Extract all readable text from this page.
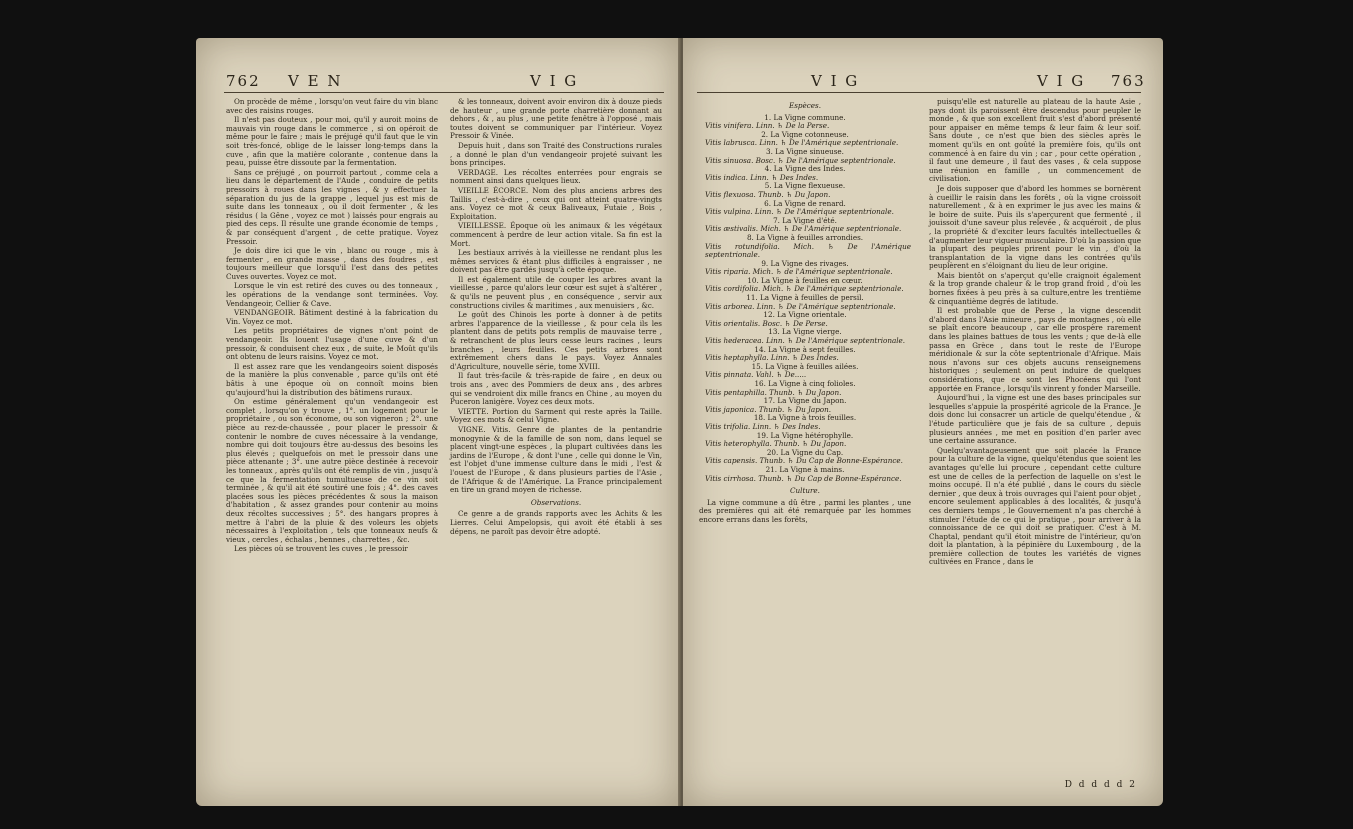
762 V E N	V I G

On procède de même , lorsqu'on veut faire du vin blanc avec des raisins rouges.

Il n'est pas douteux , pour moi, qu'il y auroit moins de mauvais vin rouge dans le commerce , si on opéroit de même pour le faire ; mais le préjugé qu'il faut que le vin soit très-foncé, oblige de le laisser long-temps dans la cuve , afin que la matière colorante , contenue dans la peau, puisse être dissoute par la fermentation.

Sans ce préjugé , on pourroit partout , comme cela a lieu dans le département de l'Aude , conduire de petits pressoirs à roues dans les vignes , & y effectuer la séparation du jus de la grappe , lequel jus est mis de suite dans les tonneaux , où il doit fermenter , & les résidus ( la Gêne , voyez ce mot ) laissés pour engrais au pied des ceps. Il résulte une grande économie de temps , & par conséquent d'argent , de cette pratique. Voyez Pressoir.

Je dois dire ici que le vin , blanc ou rouge , mis à fermenter , en grande masse , dans des foudres , est toujours meilleur que lorsqu'il l'est dans des petites Cuves ouvertes. Voyez ce mot.

Lorsque le vin est retiré des cuves ou des tonneaux , les opérations de la vendange sont terminées. Voy. Vendangeoir, Cellier & Cave.

VENDANGEOIR. Bâtiment destiné à la fabrication du Vin. Voyez ce mot.

Les petits propriétaires de vignes n'ont point de vendangeoir. Ils louent l'usage d'une cuve & d'un pressoir, & conduisent chez eux , de suite, le Moût qu'ils ont obtenu de leurs raisins. Voyez ce mot.

Il est assez rare que les vendangeoirs soient disposés de la manière la plus convenable , parce qu'ils ont été bâtis à une époque où on connoît moins bien qu'aujourd'hui la distribution des bâtimens ruraux.

On estime généralement qu'un vendangeoir est complet , lorsqu'on y trouve , 1°. un logement pour le propriétaire , ou son économe, ou son vigneron ; 2°. une pièce au rez-de-chaussée , pour placer le pressoir & contenir le nombre de cuves nécessaire à la vendange, nombre qui doit toujours être au-dessus des besoins les plus élevés ; quelquefois on met le pressoir dans une pièce attenante ; 3°. une autre pièce destinée à recevoir les tonneaux , après qu'ils ont été remplis de vin , jusqu'à ce que la fermentation tumultueuse de ce vin soit terminée , & qu'il ait été soutiré une fois ; 4°. des caves placées sous les pièces précédentes & sous la maison d'habitation , & assez grandes pour contenir au moins deux récoltes successives ; 5°. des hangars propres à mettre à l'abri de la pluie & des voleurs les objets nécessaires à l'exploitation , tels que tonneaux neufs & vieux , cercles , échalas , bennes , charrettes , &c.

Les pièces où se trouvent les cuves , le pressoir

& les tonneaux, doivent avoir environ dix à douze pieds de hauteur , une grande porte charretière donnant au dehors , & , au plus , une petite fenêtre à l'opposé , mais toutes doivent se communiquer par l'intérieur. Voyez Pressoir & Vinée.

Depuis huit , dans son Traité des Constructions rurales , a donné le plan d'un vendangeoir projeté suivant les bons principes.

VERDAGE. Les récoltes enterrées pour engrais se nomment ainsi dans quelques lieux.

VIEILLE ÉCORCE. Nom des plus anciens arbres des Taillis , c'est-à-dire , ceux qui ont atteint quatre-vingts ans. Voyez ce mot & ceux Baliveaux, Futaie , Bois , Exploitation.

VIEILLESSE. Époque où les animaux & les végétaux commencent à perdre de leur action vitale. Sa fin est la Mort.

Les bestiaux arrivés à la vieillesse ne rendant plus les mêmes services & étant plus difficiles à engraisser , ne doivent pas être gardés jusqu'à cette époque.

Il est également utile de couper les arbres avant la vieillesse , parce qu'alors leur cœur est sujet à s'altérer , & qu'ils ne peuvent plus , en conséquence , servir aux constructions civiles & maritimes , aux menuisiers , &c.

Le goût des Chinois les porte à donner à de petits arbres l'apparence de la vieillesse , & pour cela ils les plantent dans de petits pots remplis de mauvaise terre , & retranchent de plus leurs cesse leurs racines , leurs branches , leurs feuilles. Ces petits arbres sont extrêmement chers dans le pays. Voyez Annales d'Agriculture, nouvelle série, tome XVIII.

Il faut très-facile & très-rapide de faire , en deux ou trois ans , avec des Pommiers de deux ans , des arbres qui se vendroient dix mille francs en Chine , au moyen du Puceron lanigère. Voyez ces deux mots.

VIETTE. Portion du Sarment qui reste après la Taille. Voyez ces mots & celui Vigne.

VIGNE. Vitis. Genre de plantes de la pentandrie monogynie & de la famille de son nom, dans lequel se placent vingt-une espèces , la plupart cultivées dans les jardins de l'Europe , & dont l'une , celle qui donne le Vin, est l'objet d'une immense culture dans le midi , l'est & l'ouest de l'Europe , & dans plusieurs parties de l'Asie , de l'Afrique & de l'Amérique. La France principalement en tire un grand moyen de richesse.

Observations.

Ce genre a de grands rapports avec les Achits & les Lierres. Celui Ampelopsis, qui avoit été établi à ses dépens, ne paroît pas devoir être adopté.

V I G	V I G 763

Espèces.

1. La Vigne commune.

Vitis vinifera. Linn. ♄ De la Perse.

2. La Vigne cotonneuse.

Vitis labrusca. Linn. ♄ De l'Amérique septentrionale.

3. La Vigne sinueuse.

Vitis sinuosa. Bosc. ♄ De l'Amérique septentrionale.

4. La Vigne des Indes.

Vitis indica. Linn. ♄ Des Indes.

5. La Vigne flexueuse.

Vitis flexuosa. Thunb. ♄ Du Japon.

6. La Vigne de renard.

Vitis vulpina. Linn. ♄ De l'Amérique septentrionale.

7. La Vigne d'été.

Vitis æstivalis. Mich. ♄ De l'Amérique septentrionale.

8. La Vigne à feuilles arrondies.

Vitis rotundifolia. Mich. ♄ De l'Amérique septentrionale.

9. La Vigne des rivages.

Vitis riparia. Mich. ♄ de l'Amérique septentrionale.

10. La Vigne à feuilles en cœur.

Vitis cordifolia. Mich. ♄ De l'Amérique septentrionale.

11. La Vigne à feuilles de persil.

Vitis arborea. Linn. ♄ De l'Amérique septentrionale.

12. La Vigne orientale.

Vitis orientalis. Bosc. ♄ De Perse.

13. La Vigne vierge.

Vitis hederacea. Linn. ♄ De l'Amérique septentrionale.

14. La Vigne à sept feuilles.

Vitis heptaphylla. Linn. ♄ Des Indes.

15. La Vigne à feuilles ailées.

Vitis pinnata. Vahl. ♄ De.....

16. La Vigne à cinq folioles.

Vitis pentaphilla. Thunb. ♄ Du Japon.

17. La Vigne du Japon.

Vitis japonica. Thunb. ♄ Du Japon.

18. La Vigne à trois feuilles.

Vitis trifolia. Linn. ♄ Des Indes.

19. La Vigne hétérophylle.

Vitis heterophylla. Thunb. ♄ Du Japon.

20. La Vigne du Cap.

Vitis capensis. Thunb. ♄ Du Cap de Bonne-Espérance.

21. La Vigne à mains.

Vitis cirrhosa. Thunb. ♄ Du Cap de Bonne-Espérance.

Culture.

La vigne commune a dû être , parmi les plantes , une des premières qui ait été remarquée par les hommes encore errans dans les forêts,

puisqu'elle est naturelle au plateau de la haute Asie , pays dont ils paroissent être descendus pour peupler le monde , & que son excellent fruit s'est d'abord présenté pour appaiser en même temps & leur faim & leur soif. Sans doute , ce n'est que bien des siècles après le moment qu'ils en ont goûté la première fois, qu'ils ont commencé à en faire du vin ; car , pour cette opération , il faut une demeure , il faut des vases , & cela suppose une réunion en famille , un commencement de civilisation.

Je dois supposer que d'abord les hommes se bornèrent à cueillir le raisin dans les forêts , où la vigne croissoit naturellement , & à en exprimer le jus avec les mains & le boire de suite. Puis ils s'aperçurent que fermenté , il jouissoit d'une saveur plus relevée , & acquéroit , de plus , la propriété & d'exciter leurs facultés intellectuelles & d'augmenter leur vigueur musculaire. D'où la passion que la plupart des peuples prirent pour le vin , d'où la transplantation de la vigne dans les contrées qu'ils peuplèrent en s'éloignant du lieu de leur origine.

Mais bientôt on s'aperçut qu'elle craignoit également & la trop grande chaleur & le trop grand froid , d'où les bornes fixées à peu près à sa culture,entre les trentième & cinquantième degrés de latitude.

Il est probable que de Perse , la vigne descendit d'abord dans l'Asie mineure , pays de montagnes , où elle se plaît encore beaucoup , car elle prospère rarement dans les plaines battues de tous les vents ; que de-là elle passa en Grèce , dans tout le reste de l'Europe méridionale & sur la côte septentrionale d'Afrique. Mais nous n'avons sur ces objets aucuns renseignemens historiques ; seulement on peut induire de quelques considérations, que ce sont les Phocéens qui l'ont apportée en France , lorsqu'ils vinrent y fonder Marseille.

Aujourd'hui , la vigne est une des bases principales sur lesquelles s'appuie la prospérité agricole de la France. Je dois donc lui consacrer un article de quelqu'étendue , & l'étude particulière que je fais de sa culture , depuis plusieurs années , me met en position d'en parler avec une certaine assurance.

Quelqu'avantageusement que soit placée la France pour la culture de la vigne, quelqu'étendus que soient les avantages qu'elle lui procure , cependant cette culture est une de celles de la perfection de laquelle on s'est le moins occupé. Il n'a été publié , dans le cours du siècle dernier , que deux à trois ouvrages qui l'aient pour objet , encore seulement applicables à des localités, & jusqu'à ces derniers temps , le Gouvernement n'a pas cherché à stimuler l'étude de ce qui le pratique , pour arriver à la connoissance de ce qui doit se pratiquer. C'est à M. Chaptal, pendant qu'il étoit ministre de l'intérieur, qu'on doit la plantation, à la pépinière du Luxembourg , de la première collection de toutes les variétés de vignes cultivées en France , dans le

D d d d d 2
